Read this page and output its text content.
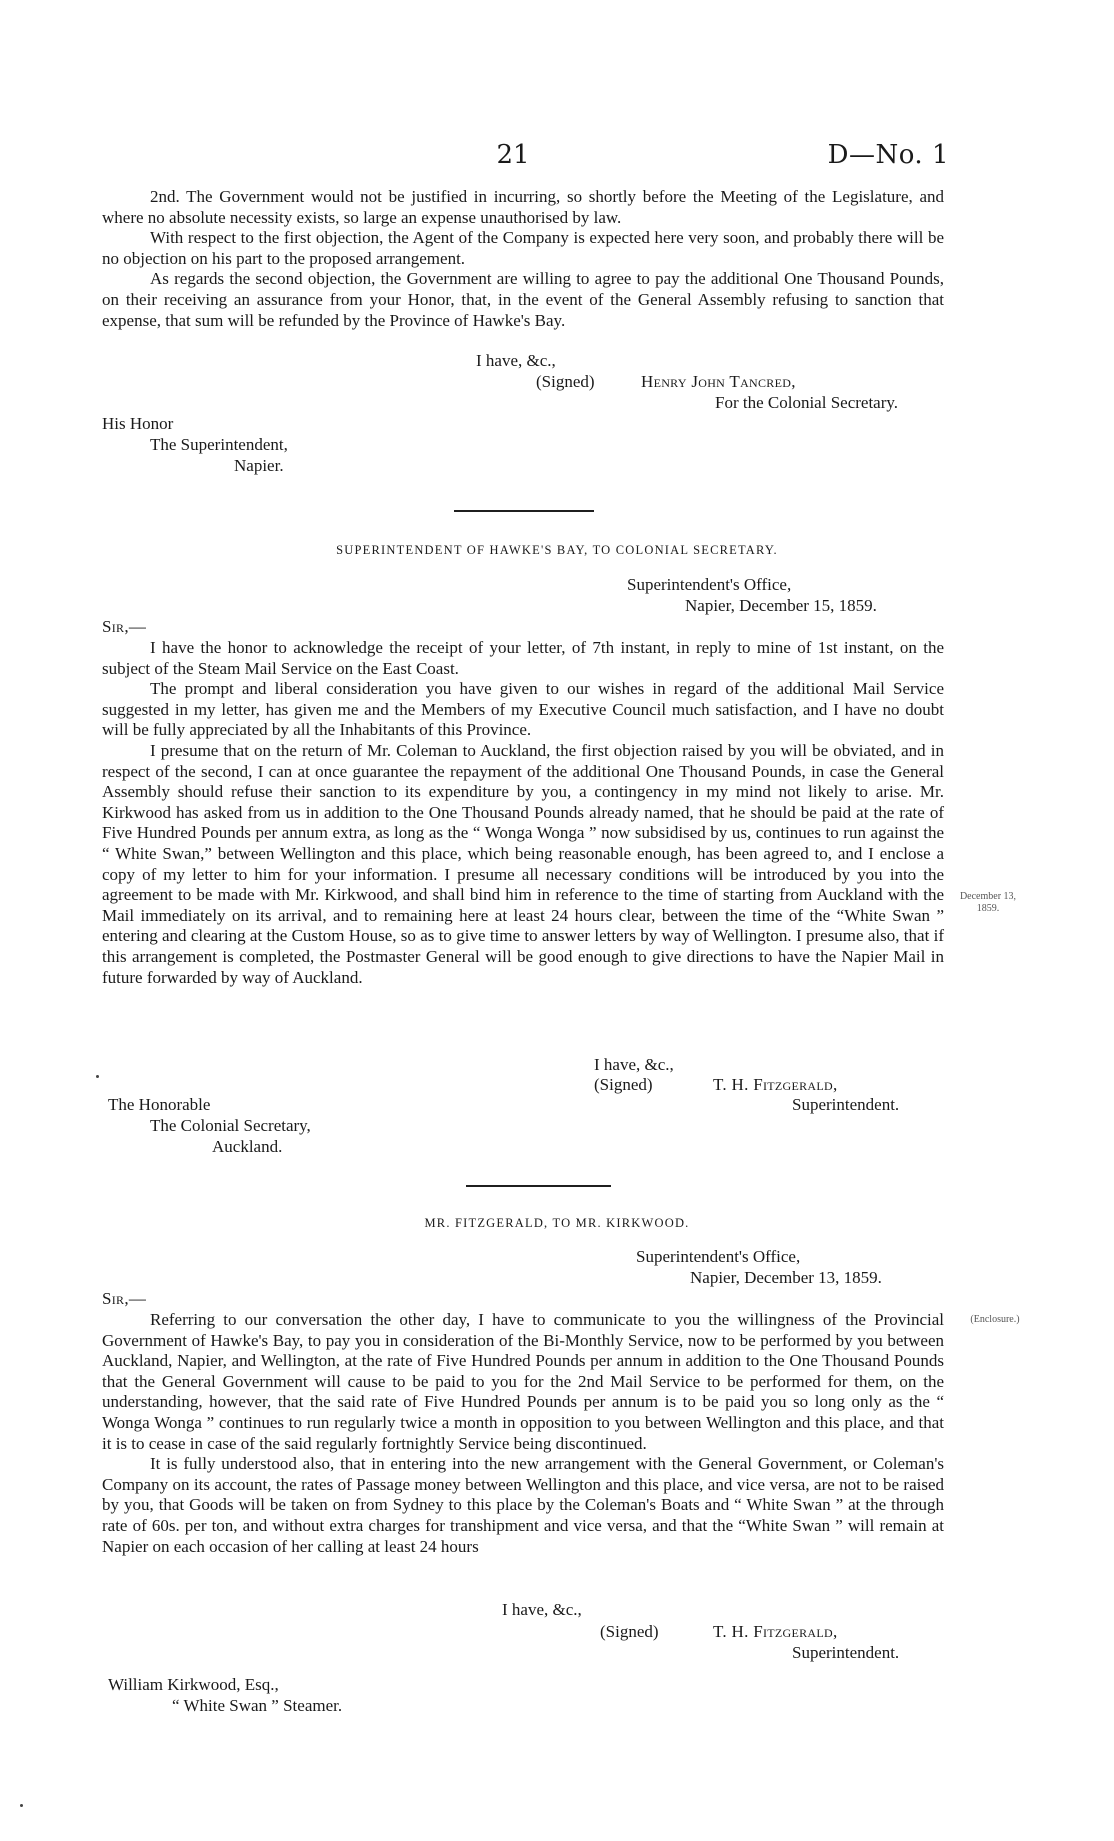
21	D—No. 1

2nd. The Government would not be justified in incurring, so shortly before the Meeting of the Legislature, and where no absolute necessity exists, so large an expense unauthorised by law.

With respect to the first objection, the Agent of the Company is expected here very soon, and probably there will be no objection on his part to the proposed arrangement.

As regards the second objection, the Government are willing to agree to pay the additional One Thousand Pounds, on their receiving an assurance from your Honor, that, in the event of the General Assembly refusing to sanction that expense, that sum will be refunded by the Province of Hawke's Bay.

I have, &c.,
(Signed)	Henry John Tancred,
For the Colonial Secretary.
His Honor
The Superintendent,
Napier.
SUPERINTENDENT OF HAWKE'S BAY, TO COLONIAL SECRETARY.
Superintendent's Office,
Napier, December 15, 1859.
Sir,—

I have the honor to acknowledge the receipt of your letter, of 7th instant, in reply to mine of 1st instant, on the subject of the Steam Mail Service on the East Coast.

The prompt and liberal consideration you have given to our wishes in regard of the additional Mail Service suggested in my letter, has given me and the Members of my Executive Council much satisfaction, and I have no doubt will be fully appreciated by all the Inhabitants of this Province.

I presume that on the return of Mr. Coleman to Auckland, the first objection raised by you will be obviated, and in respect of the second, I can at once guarantee the repayment of the additional One Thousand Pounds, in case the General Assembly should refuse their sanction to its expenditure by you, a contingency in my mind not likely to arise. Mr. Kirkwood has asked from us in addition to the One Thousand Pounds already named, that he should be paid at the rate of Five Hundred Pounds per annum extra, as long as the “ Wonga Wonga ” now subsidised by us, continues to run against the “ White Swan,” between Wellington and this place, which being reasonable enough, has been agreed to, and I enclose a copy of my letter to him for your information. I presume all necessary conditions will be introduced by you into the agreement to be made with Mr. Kirkwood, and shall bind him in reference to the time of starting from Auckland with the Mail immediately on its arrival, and to remaining here at least 24 hours clear, between the time of the “White Swan ” entering and clearing at the Custom House, so as to give time to answer letters by way of Wellington. I presume also, that if this arrangement is completed, the Postmaster General will be good enough to give directions to have the Napier Mail in future forwarded by way of Auckland.

December 13,
1859.
I have, &c.,
(Signed)	T. H. Fitzgerald,
Superintendent.
The Honorable
The Colonial Secretary,
Auckland.
MR. FITZGERALD, TO MR. KIRKWOOD.
Superintendent's Office,
Napier, December 13, 1859.
Sir,—

Referring to our conversation the other day, I have to communicate to you the willingness of the Provincial Government of Hawke's Bay, to pay you in consideration of the Bi-Monthly Service, now to be performed by you between Auckland, Napier, and Wellington, at the rate of Five Hundred Pounds per annum in addition to the One Thousand Pounds that the General Government will cause to be paid to you for the 2nd Mail Service to be performed for them, on the understanding, however, that the said rate of Five Hundred Pounds per annum is to be paid you so long only as the “ Wonga Wonga ” continues to run regularly twice a month in opposition to you between Wellington and this place, and that it is to cease in case of the said regularly fortnightly Service being discontinued.

It is fully understood also, that in entering into the new arrangement with the General Government, or Coleman's Company on its account, the rates of Passage money between Wellington and this place, and vice versa, are not to be raised by you, that Goods will be taken on from Sydney to this place by the Coleman's Boats and “ White Swan ” at the through rate of 60s. per ton, and without extra charges for transhipment and vice versa, and that the “White Swan ” will remain at Napier on each occasion of her calling at least 24 hours

(Enclosure.)
I have, &c.,
(Signed)	T. H. Fitzgerald,
Superintendent.
William Kirkwood, Esq.,
“ White Swan ” Steamer.
